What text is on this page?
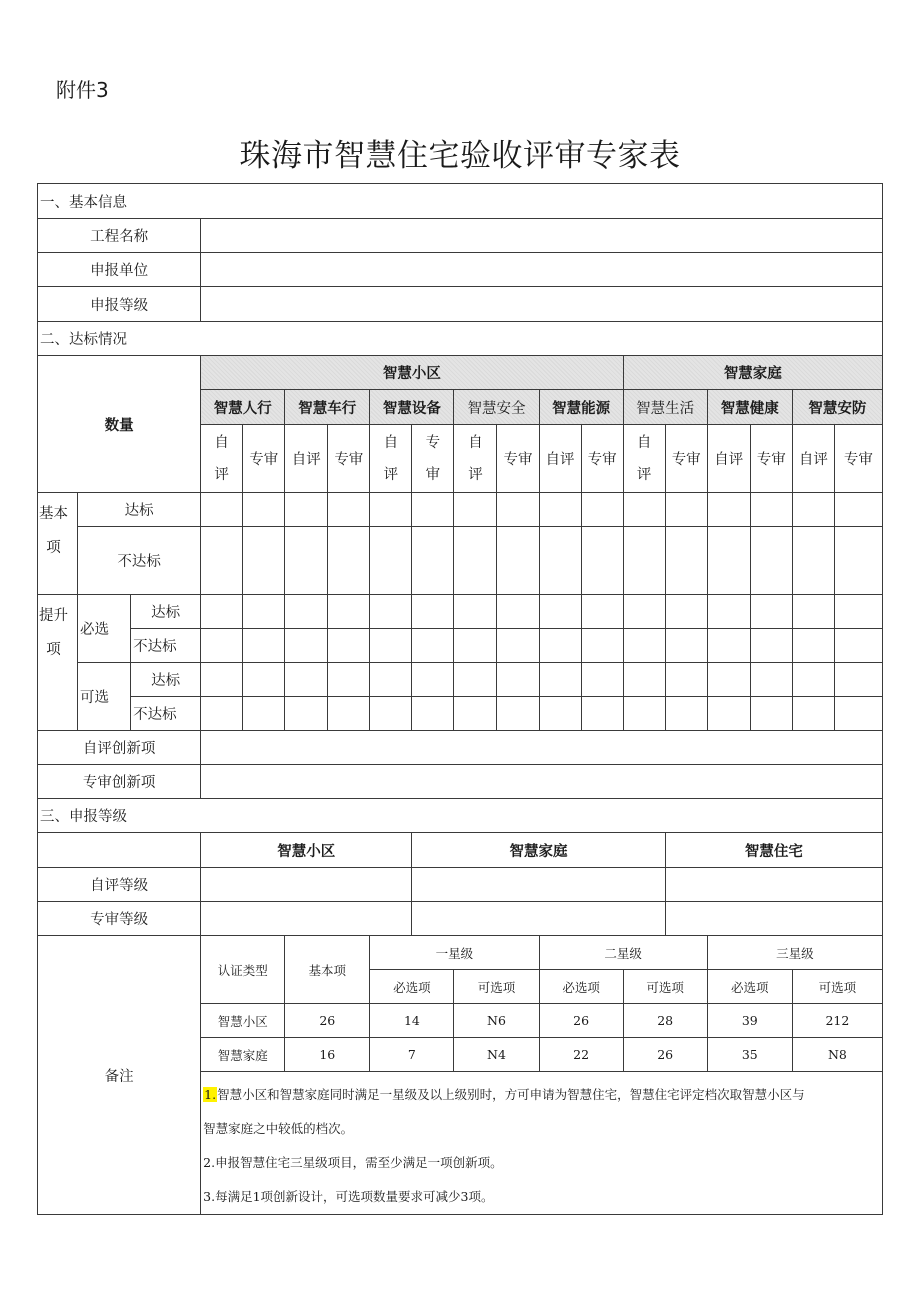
附件3
珠海市智慧住宅验收评审专家表
一、基本信息																		
工程名称																		
申报单位																		
申报等级																		
二、达标情况																		
数量			智慧小区										智慧家庭					
			智慧人行		智慧车行		智慧设备		智慧安全		智慧能源		智慧生活		智慧健康		智慧安防	
			自评	专审	自评	专审	自评	专审	自评	专审	自评	专审	自评	专审	自评	专审	自评	专审
基本项	达标																	
	不达标																	
提升项	必选	达标																
		不达标																
	可选	达标																
		不达标																
自评创新项																		
专审创新项																		
三、申报等级																		
			智慧小区					智慧家庭						智慧住宅				
自评等级																		
专审等级																		
备注			认证类型		基本项		一星级				二星级				三星级			
							必选项		可选项		必选项		可选项		必选项		可选项	
			智慧小区		26		14		N6		26		28		39		212	
			智慧家庭		16		7		N4		22		26		35		N8	

			1.智慧小区和智慧家庭同时满足一星级及以上级别时，方可申请为智慧住宅，智慧住宅评定档次取智慧小区与

智慧家庭之中较低的档次。

2.申报智慧住宅三星级项目，需至少满足一项创新项。

3.每满足1项创新设计，可选项数量要求可减少3项。															
